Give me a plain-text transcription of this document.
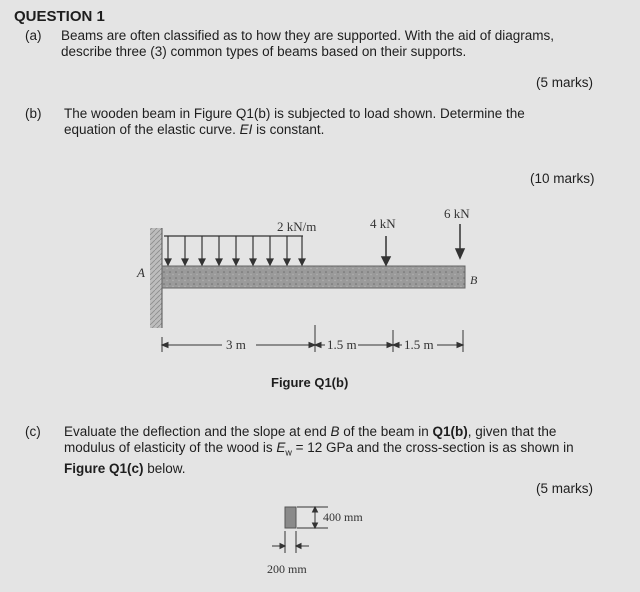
QUESTION 1
(a) Beams are often classified as to how they are supported. With the aid of diagrams,
describe three (3) common types of beams based on their supports.
(5 marks)
(b) The wooden beam in Figure Q1(b) is subjected to load shown. Determine the
equation of the elastic curve. EI is constant.
(10 marks)
2 kN/m	4 kN
6 kN
A	B
3 m	1.5 m	1.5 m
400 mm
200 mm
Figure Q1(b)
(c) Evaluate the deflection and the slope at end B of the beam in Q1(b), given that the
modulus of elasticity of the wood is $E_w = 12$ GPa and the cross-section is as shown in
Figure Q1(c) below.
(5 marks)
